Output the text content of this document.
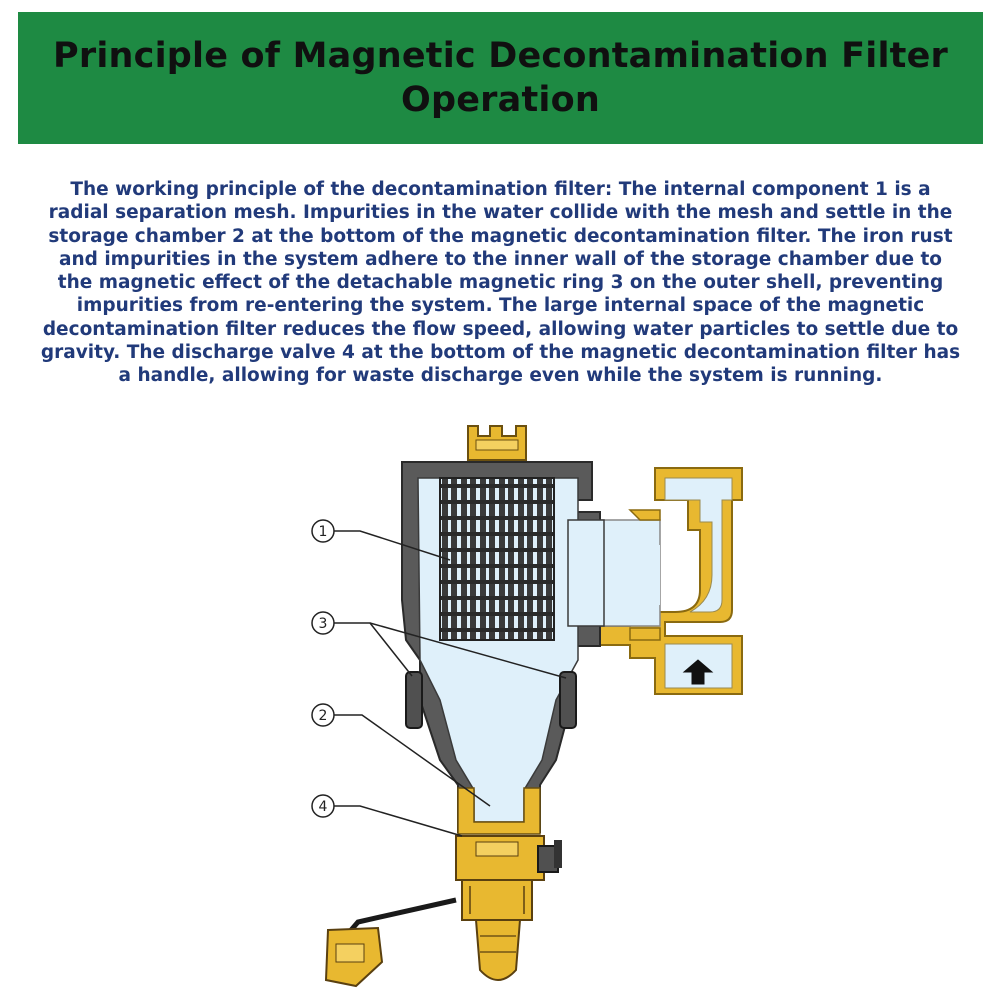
Principle of Magnetic Decontamination Filter Operation

The working principle of the decontamination filter: The internal component 1 is a radial separation mesh. Impurities in the water collide with the mesh and settle in the storage chamber 2 at the bottom of the magnetic decontamination filter. The iron rust and impurities in the system adhere to the inner wall of the storage chamber due to the magnetic effect of the detachable magnetic ring 3 on the outer shell, preventing impurities from re-entering the system. The large internal space of the magnetic decontamination filter reduces the flow speed, allowing water particles to settle due to gravity. The discharge valve 4 at the bottom of the magnetic decontamination filter has a handle, allowing for waste discharge even while the system is running.

1
3
2
4
